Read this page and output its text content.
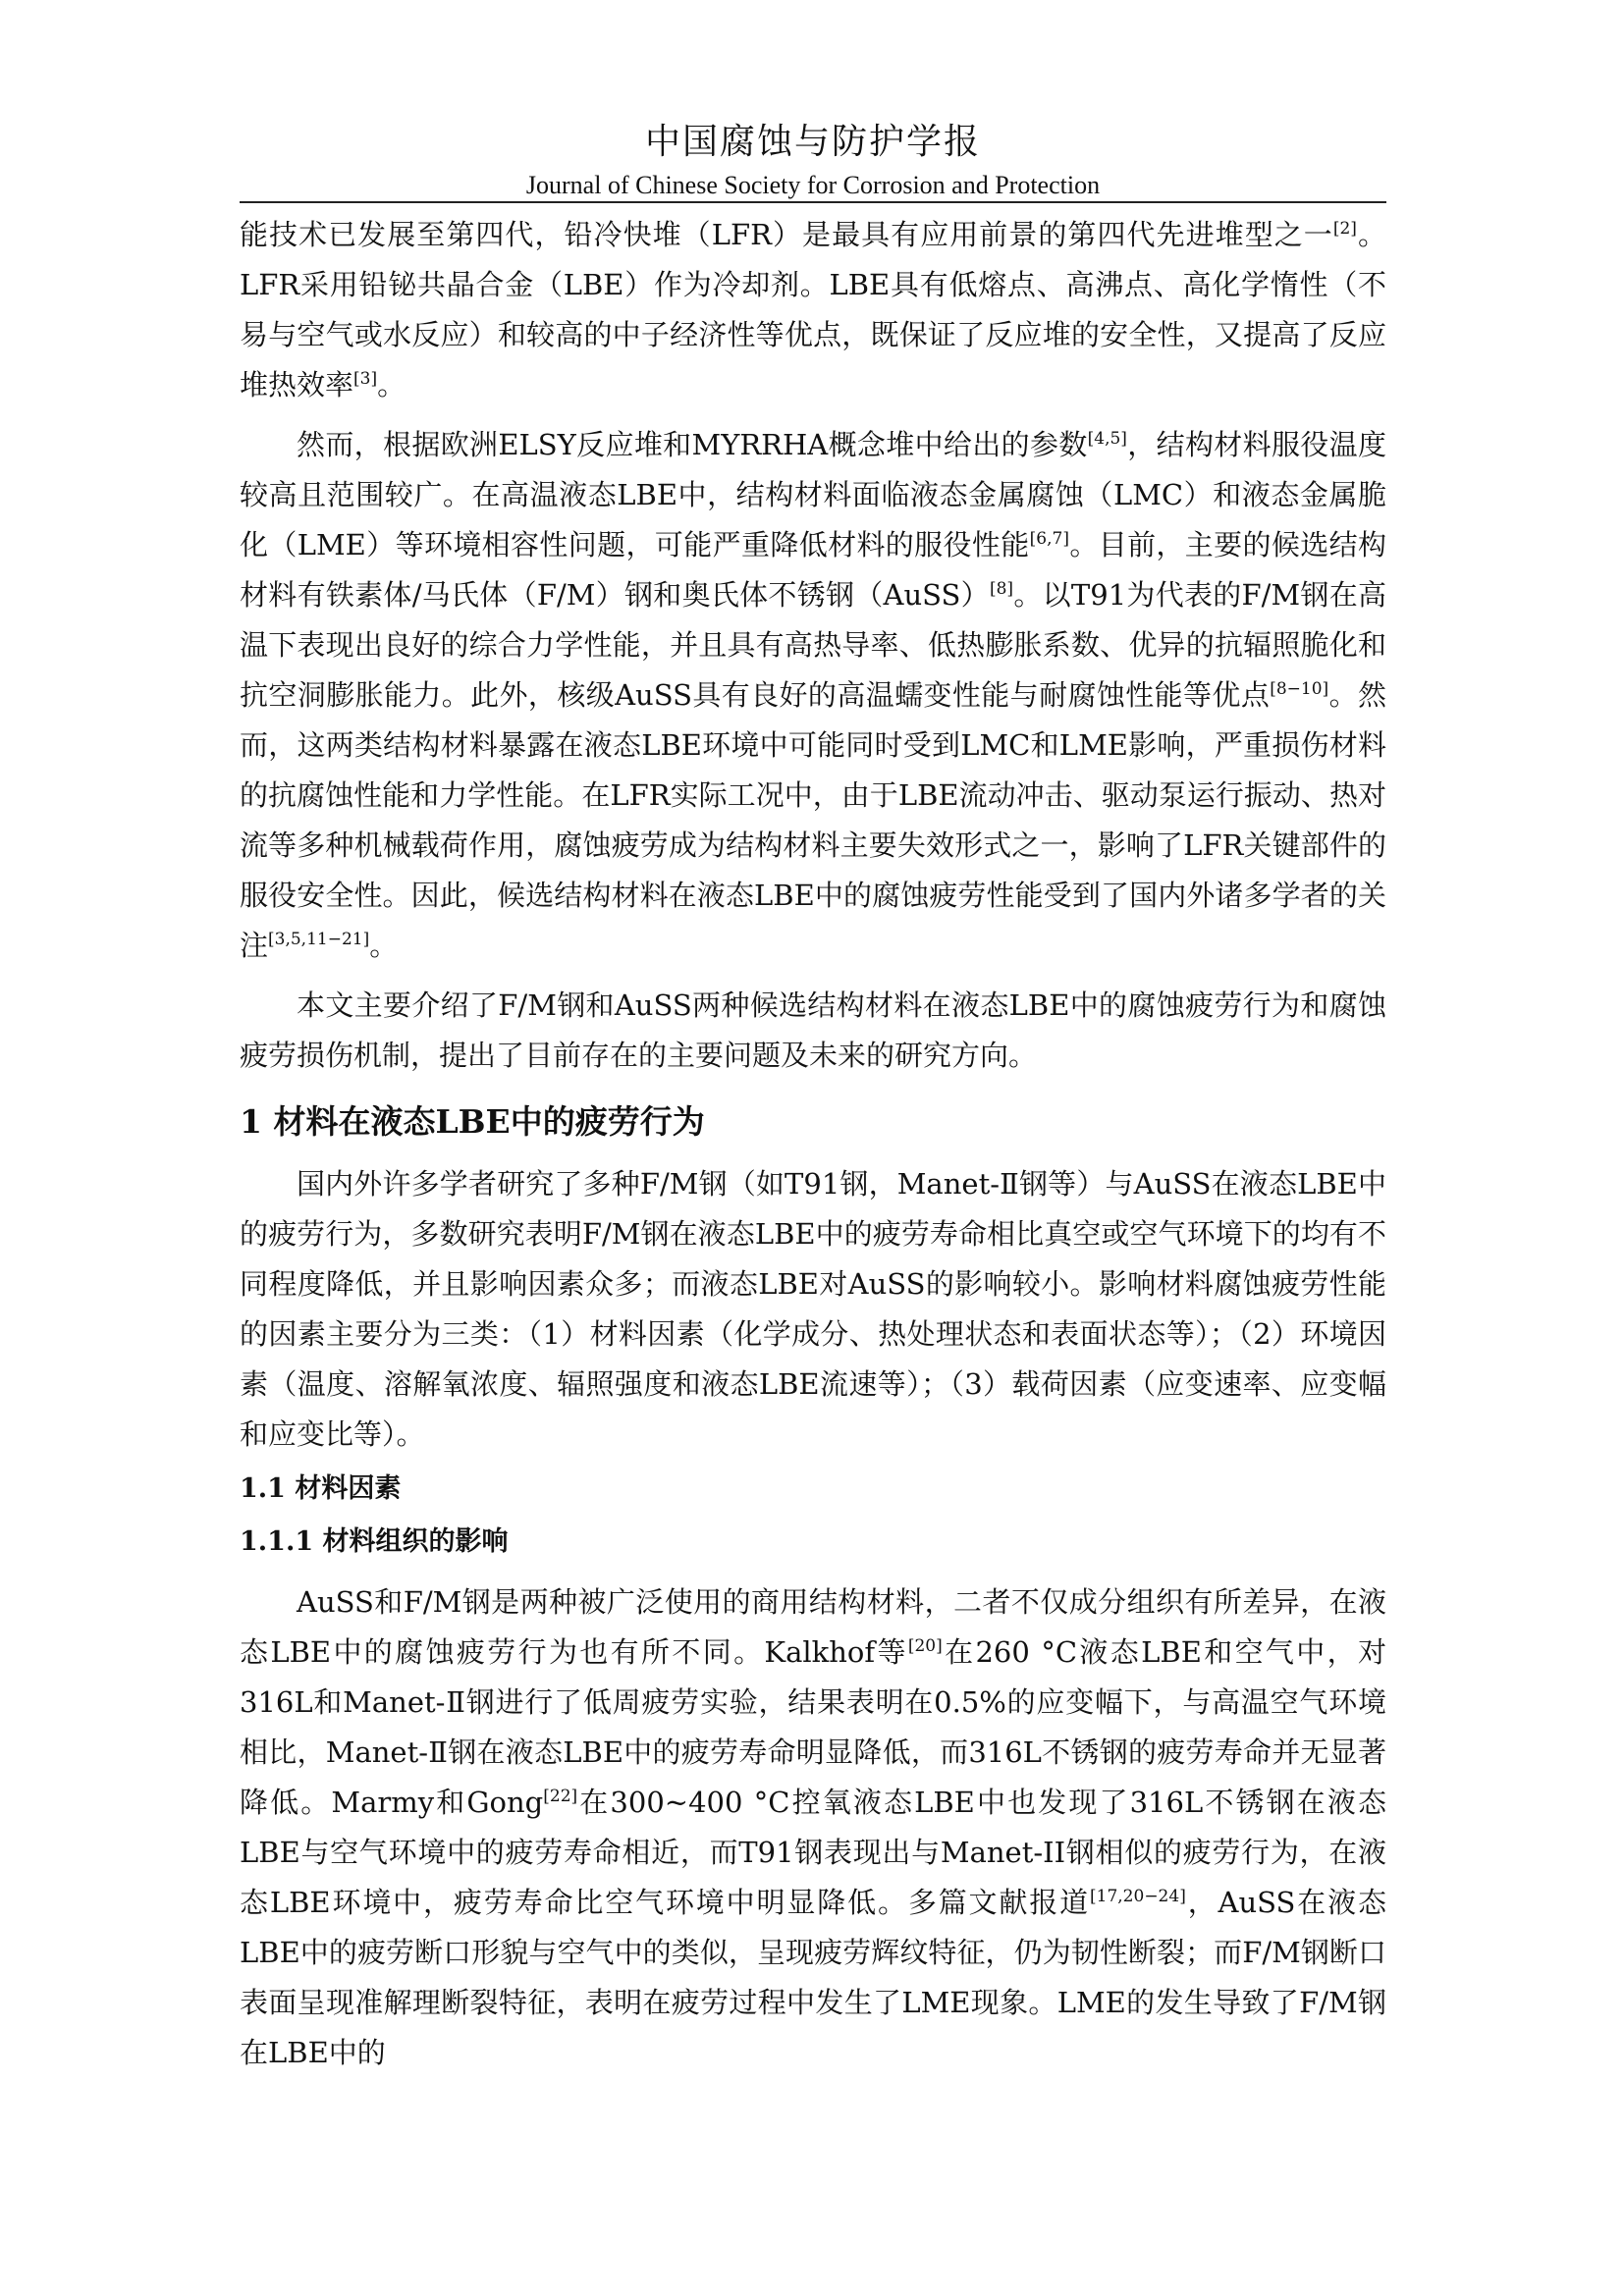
中国腐蚀与防护学报
Journal of Chinese Society for Corrosion and Protection

能技术已发展至第四代，铅冷快堆（LFR）是最具有应用前景的第四代先进堆型之一[2]。LFR采用铅铋共晶合金（LBE）作为冷却剂。LBE具有低熔点、高沸点、高化学惰性（不易与空气或水反应）和较高的中子经济性等优点，既保证了反应堆的安全性，又提高了反应堆热效率[3]。

然而，根据欧洲ELSY反应堆和MYRRHA概念堆中给出的参数[4,5]，结构材料服役温度较高且范围较广。在高温液态LBE中，结构材料面临液态金属腐蚀（LMC）和液态金属脆化（LME）等环境相容性问题，可能严重降低材料的服役性能[6,7]。目前，主要的候选结构材料有铁素体/马氏体（F/M）钢和奥氏体不锈钢（AuSS）[8]。以T91为代表的F/M钢在高温下表现出良好的综合力学性能，并且具有高热导率、低热膨胀系数、优异的抗辐照脆化和抗空洞膨胀能力。此外，核级AuSS具有良好的高温蠕变性能与耐腐蚀性能等优点[8−10]。然而，这两类结构材料暴露在液态LBE环境中可能同时受到LMC和LME影响，严重损伤材料的抗腐蚀性能和力学性能。在LFR实际工况中，由于LBE流动冲击、驱动泵运行振动、热对流等多种机械载荷作用，腐蚀疲劳成为结构材料主要失效形式之一，影响了LFR关键部件的服役安全性。因此，候选结构材料在液态LBE中的腐蚀疲劳性能受到了国内外诸多学者的关注[3,5,11−21]。

本文主要介绍了F/M钢和AuSS两种候选结构材料在液态LBE中的腐蚀疲劳行为和腐蚀疲劳损伤机制，提出了目前存在的主要问题及未来的研究方向。

1 材料在液态LBE中的疲劳行为

国内外许多学者研究了多种F/M钢（如T91钢，Manet-Ⅱ钢等）与AuSS在液态LBE中的疲劳行为，多数研究表明F/M钢在液态LBE中的疲劳寿命相比真空或空气环境下的均有不同程度降低，并且影响因素众多；而液态LBE对AuSS的影响较小。影响材料腐蚀疲劳性能的因素主要分为三类：（1）材料因素（化学成分、热处理状态和表面状态等）；（2）环境因素（温度、溶解氧浓度、辐照强度和液态LBE流速等）；（3）载荷因素（应变速率、应变幅和应变比等）。

1.1 材料因素
1.1.1 材料组织的影响

AuSS和F/M钢是两种被广泛使用的商用结构材料，二者不仅成分组织有所差异，在液态LBE中的腐蚀疲劳行为也有所不同。Kalkhof等[20]在260 °C液态LBE和空气中，对316L和Manet-Ⅱ钢进行了低周疲劳实验，结果表明在0.5%的应变幅下，与高温空气环境相比，Manet-Ⅱ钢在液态LBE中的疲劳寿命明显降低，而316L不锈钢的疲劳寿命并无显著降低。Marmy和Gong[22]在300~400 °C控氧液态LBE中也发现了316L不锈钢在液态LBE与空气环境中的疲劳寿命相近，而T91钢表现出与Manet-II钢相似的疲劳行为，在液态LBE环境中，疲劳寿命比空气环境中明显降低。多篇文献报道[17,20−24]，AuSS在液态LBE中的疲劳断口形貌与空气中的类似，呈现疲劳辉纹特征，仍为韧性断裂；而F/M钢断口表面呈现准解理断裂特征，表明在疲劳过程中发生了LME现象。LME的发生导致了F/M钢在LBE中的
